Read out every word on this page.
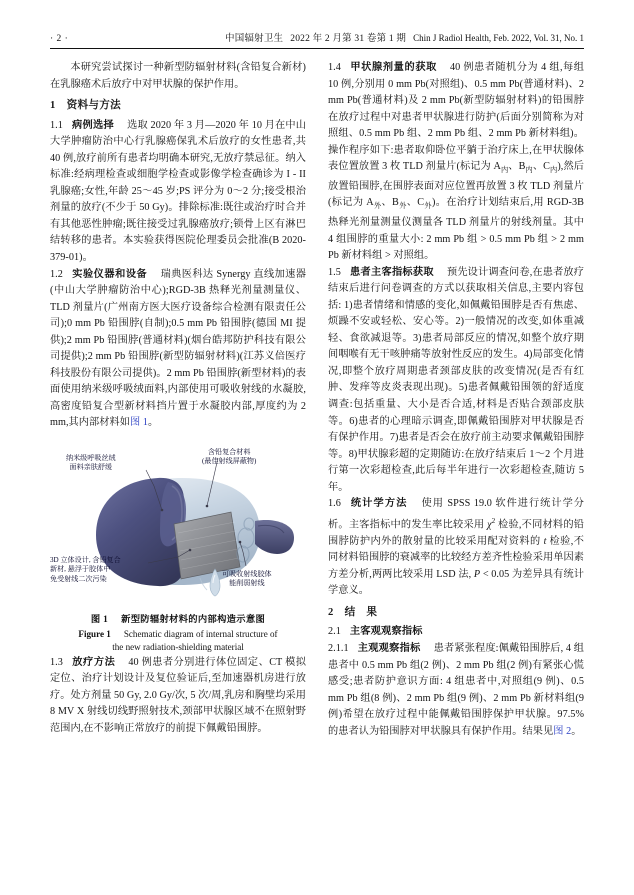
· 2 ·	中国辐射卫生 2022 年 2 月第 31 卷第 1 期 Chin J Radiol Health, Feb. 2022, Vol. 31, No. 1

本研究尝试探讨一种新型防辐射材料(含铅复合新材)在乳腺癌术后放疗中对甲状腺的保护作用。

1 资料与方法

1.1 病例选择 选取 2020 年 3 月—2020 年 10 月在中山大学肿瘤防治中心行乳腺癌保乳术后放疗的女性患者,共 40 例,放疗前所有患者均明确本研究,无放疗禁忌征。纳入标准:经病理检查或细胞学检查或影像学检查确诊为 I - II 乳腺癌;女性,年龄 25～45 岁;PS 评分为 0～2 分;接受根治剂量的放疗(不少于 50 Gy)。排除标准:既往或治疗时合并有其他恶性肿瘤;既往接受过乳腺癌放疗;锁骨上区有淋巴结转移的患者。本实验获得医院伦理委员会批准(B 2020-379-01)。

1.2 实验仪器和设备 瑞典医科达 Synergy 直线加速器(中山大学肿瘤防治中心);RGD-3B 热释光剂量测量仪、TLD 剂量片(广州南方医大医疗设备综合检测有限责任公司);0 mm Pb 铅围脖(自制);0.5 mm Pb 铅围脖(德国 MI 提供);2 mm Pb 铅围脖(普通材料)(烟台皓邦防护科技有限公司提供);2 mm Pb 铅围脖(新型防辐射材料)(江苏义倍医疗科技股份有限公司提供)。2 mm Pb 铅围脖(新型材料)的表面使用纳米级呼吸绒面料,内部使用可吸收射线的水凝胶,高密度铅复合型新材料挡片置于水凝胶内部,厚度约为 2 mm,其内部材料如图 1。

纳米级呼吸丝绒
面料亲肤舒缓
含铅复合材料
(最佳射线屏蔽物)
3D 立体设计, 含铅复合
新材, 悬浮于胶体中
免受射线二次污染
可吸收射线胶体
能削弱射线
图 1 新型防辐射材料的内部构造示意图
Figure 1 Schematic diagram of internal structure of
the new radiation-shielding material

1.3 放疗方法 40 例患者分别进行体位固定、CT 模拟定位、治疗计划设计及复位验证后,至加速器机房进行放疗。处方剂量 50 Gy, 2.0 Gy/次, 5 次/周,乳房和胸壁均采用 8 MV X 射线切线野照射技术,颈部甲状腺区域不在照射野范围内,在不影响正常放疗的前提下佩戴铅围脖。

1.4 甲状腺剂量的获取 40 例患者随机分为 4 组,每组 10 例,分别用 0 mm Pb(对照组)、0.5 mm Pb(普通材料)、2 mm Pb(普通材料)及 2 mm Pb(新型防辐射材料)的铅围脖在放疗过程中对患者甲状腺进行防护(后面分别简称为对照组、0.5 mm Pb 组、2 mm Pb 组、2 mm Pb 新材料组)。操作程序如下:患者取仰卧位平躺于治疗床上,在甲状腺体表位置放置 3 枚 TLD 剂量片(标记为 $A_内$、$B_内$、$C_内$),然后放置铅围脖,在围脖表面对应位置再放置 3 枚 TLD 剂量片(标记为 $A_外$、$B_外$、$C_外$)。在治疗计划结束后,用 RGD-3B 热释光剂量测量仪测量各 TLD 剂量片的射线剂量。其中 4 组围脖的重量大小: 2 mm Pb 组 > 0.5 mm Pb 组 > 2 mm Pb 新材料组 > 对照组。

1.5 患者主客指标获取 预先设计调查问卷,在患者放疗结束后进行问卷调查的方式以获取相关信息,主要内容包括: 1)患者情绪和情感的变化,如佩戴铅围脖是否有焦虑、烦躁不安或轻松、安心等。2)一般情况的改变,如体重减轻、食欲减退等。3)患者局部反应的情况,如整个放疗期间咽喉有无干咳肿痛等放射性反应的发生。4)局部变化情况,即整个放疗周期患者颈部皮肤的改变情况(是否有红肿、发痒等皮炎表现出现)。5)患者佩戴铅围领的舒适度调查:包括重量、大小是否合适,材料是否贴合颈部皮肤等。6)患者的心理暗示调查,即佩戴铅围脖对甲状腺是否有保护作用。7)患者是否会在放疗前主动要求佩戴铅围脖等。8)甲状腺彩超的定期随访:在放疗结束后 1～2 个月进行第一次彩超检查,此后每半年进行一次彩超检查,随访 5 年。

1.6 统计学方法 使用 SPSS 19.0 软件进行统计学分析。主客指标中的发生率比较采用 $\chi^2$ 检验,不同材料的铅围脖防护内外的散射量的比较采用配对资料的 t 检验,不同材料铅围脖的衰减率的比较经方差齐性检验采用单因素方差分析,两两比较采用 LSD 法, P < 0.05 为差异具有统计学意义。

2 结　果

2.1 主客观观察指标

2.1.1 主观观察指标 患者紧张程度:佩戴铅围脖后, 4 组患者中 0.5 mm Pb 组(2 例)、2 mm Pb 组(2 例)有紧张心慌感受;患者防护意识方面: 4 组患者中,对照组(9 例)、0.5 mm Pb 组(8 例)、2 mm Pb 组(9 例)、2 mm Pb 新材料组(9 例)希望在放疗过程中能佩戴铅围脖保护甲状腺。97.5% 的患者认为铅围脖对甲状腺具有保护作用。结果见图 2。
